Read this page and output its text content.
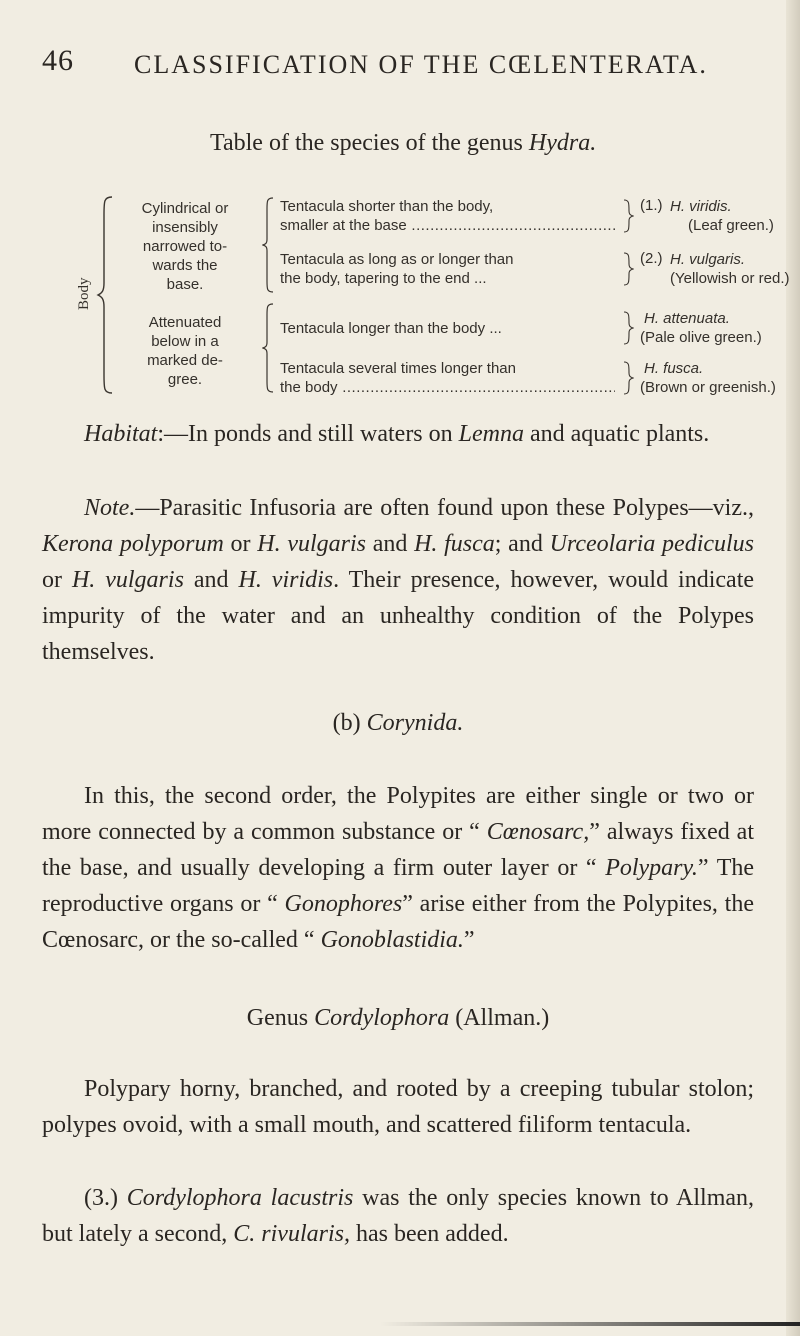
46 CLASSIFICATION OF THE CŒLENTERATA.
Table of the species of the genus Hydra.
Body
Cylindrical or
insensibly
narrowed to-
wards the
base.
Attenuated
below in a
marked de-
gree.
Tentacula shorter than the body,
smaller at the base .....
Tentacula as long as or longer than
the body, tapering to the end ...
Tentacula longer than the body ...
Tentacula several times longer than
the body .....
(1.)
(2.)
H. viridis.
(Leaf green.)
H. vulgaris.
(Yellowish or red.)
H. attenuata.
(Pale olive green.)
H. fusca.
(Brown or greenish.)

Habitat:—In ponds and still waters on Lemna and aquatic plants.

Note.—Parasitic Infusoria are often found upon these Polypes—viz., Kerona polyporum or H. vulgaris and H. fusca; and Urceolaria pediculus or H. vulgaris and H. viridis. Their presence, however, would indicate impurity of the water and an unhealthy condition of the Polypes themselves.

(b) Corynida.

In this, the second order, the Polypites are either single or two or more connected by a common substance or “ Cœnosarc,” always fixed at the base, and usually developing a firm outer layer or “ Polypary.” The reproductive organs or “ Gonophores” arise either from the Polypites, the Cœnosarc, or the so-called “ Gonoblastidia.”

Genus Cordylophora (Allman.)

Polypary horny, branched, and rooted by a creeping tubular stolon; polypes ovoid, with a small mouth, and scattered filiform tentacula.

(3.) Cordylophora lacustris was the only species known to Allman, but lately a second, C. rivularis, has been added.
